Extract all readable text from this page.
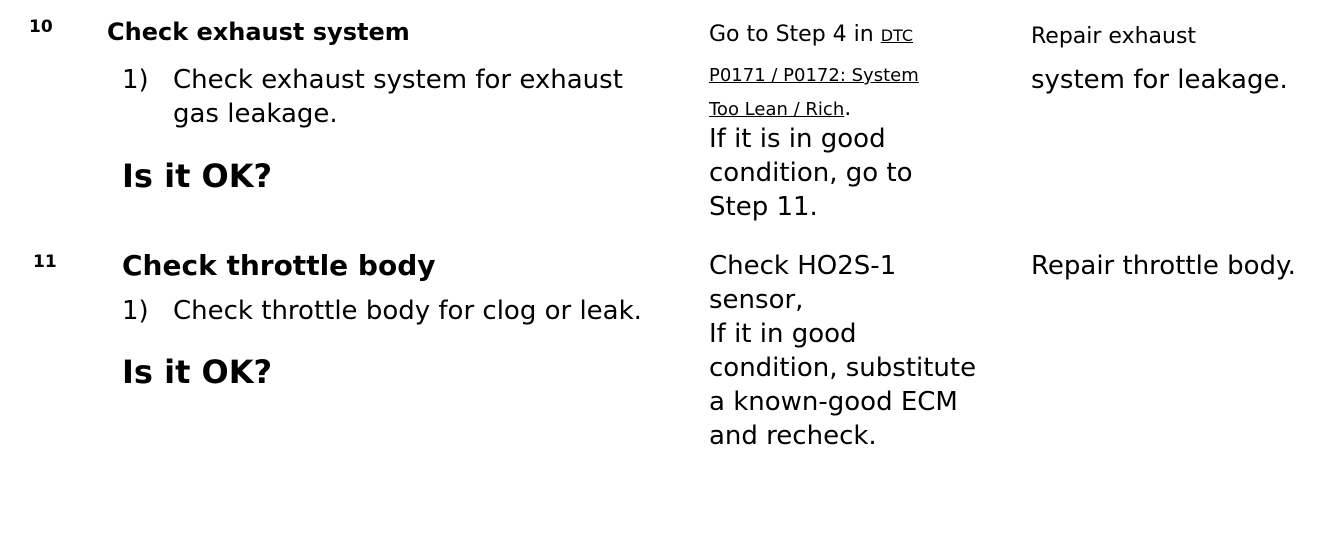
10 Check exhaust system
1) Check exhaust system for exhaust
gas leakage.
Is it OK?
Go to Step 4 in DTC
P0171 / P0172: System
Too Lean / Rich.
If it is in good
condition, go to
Step 11.
Repair exhaust
system for leakage.
11 Check throttle body
1) Check throttle body for clog or leak.
Is it OK?
Check HO2S-1
sensor,
If it in good
condition, substitute
a known-good ECM
and recheck.
Repair throttle body.
